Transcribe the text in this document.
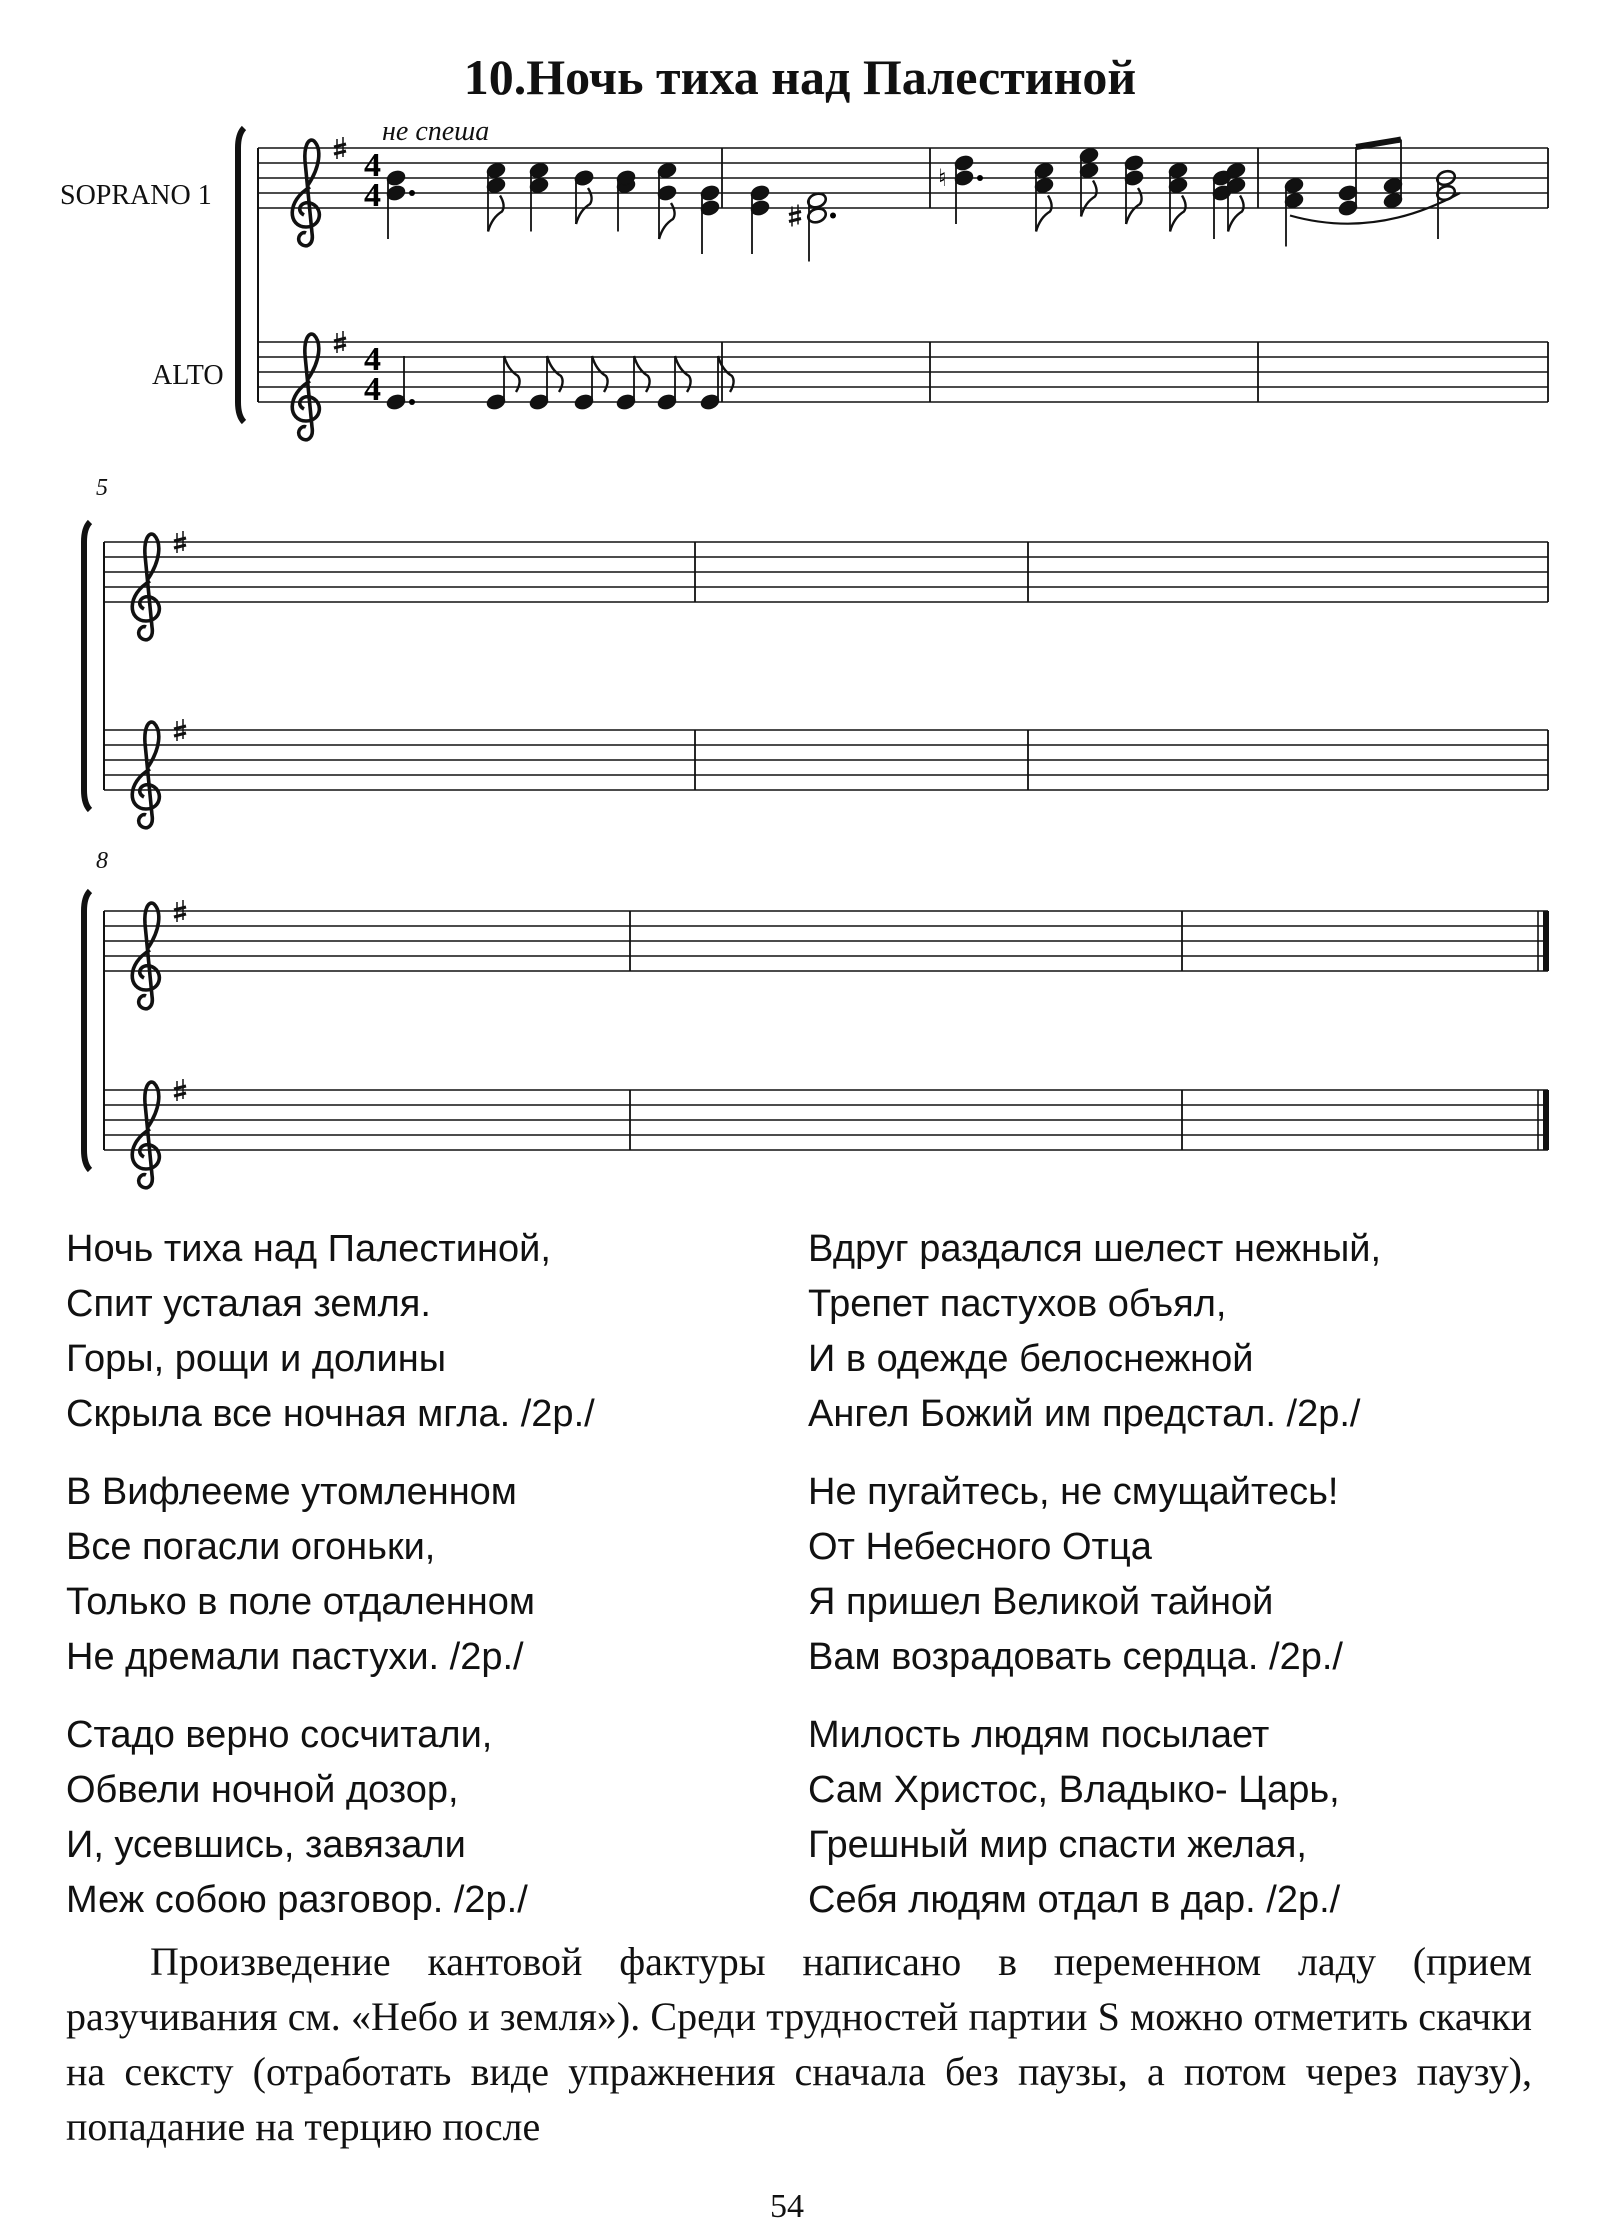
10.Ночь тиха над Палестиной
не спеша
SOPRANO 1
ALTO
5
8
4
4
4
4
♮
Ночь тиха над Палестиной,
Спит усталая земля.
Горы, рощи и долины
Скрыла все ночная мгла. /2р./
В Вифлееме утомленном
Все погасли огоньки,
Только в поле отдаленном
Не дремали пастухи. /2р./
Стадо верно сосчитали,
Обвели ночной дозор,
И, усевшись, завязали
Меж собою разговор. /2р./
Вдруг раздался шелест нежный,
Трепет пастухов объял,
И в одежде белоснежной
Ангел Божий им предстал. /2р./
Не пугайтесь, не смущайтесь!
От Небесного Отца
Я пришел Великой тайной
Вам возрадовать сердца. /2р./
Милость людям посылает
Сам Христос, Владыко- Царь,
Грешный мир спасти желая,
Себя людям отдал в дар. /2р./
Произведение кантовой фактуры написано в переменном ладу (прием разучивания см. «Небо и земля»). Среди трудностей партии S можно отметить скачки на сексту (отработать виде упражнения сначала без паузы, а потом через паузу), попадание на терцию после
54
